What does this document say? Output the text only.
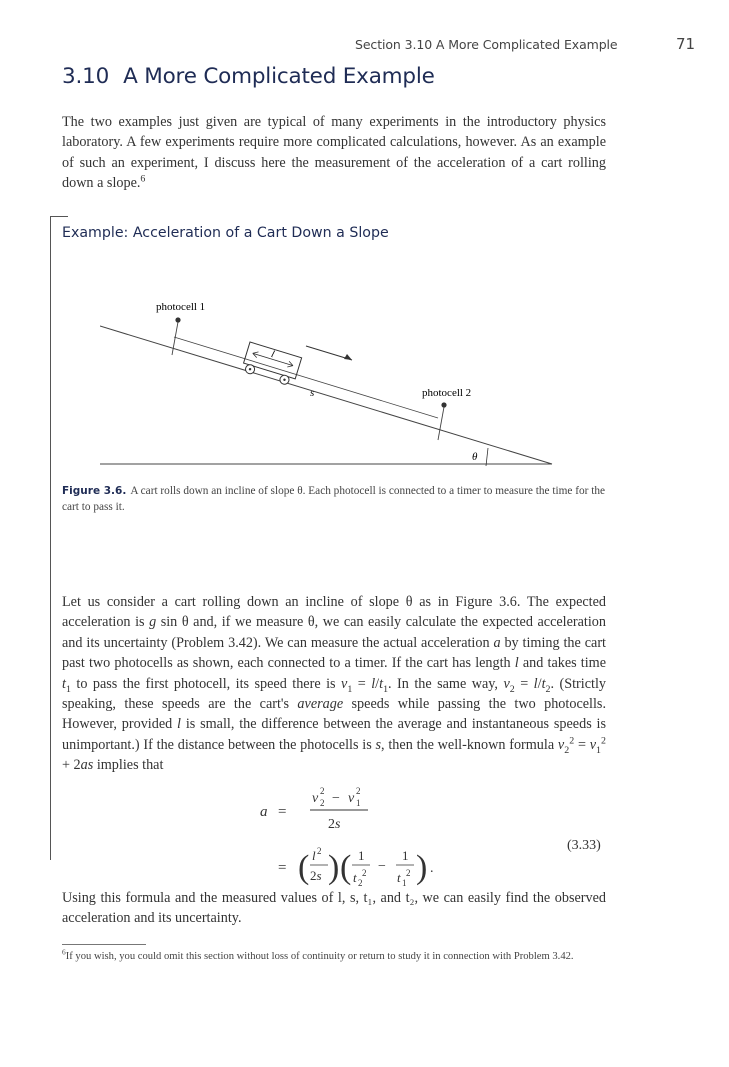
Section 3.10 A More Complicated Example	71
3.10 A More Complicated Example
The two examples just given are typical of many experiments in the introductory physics laboratory. A few experiments require more complicated calculations, however. As an example of such an experiment, I discuss here the measurement of the acceleration of a cart rolling down a slope.$^6$
Example: Acceleration of a Cart Down a Slope
photocell 1
photocell 2
l
s
θ
Figure 3.6. A cart rolls down an incline of slope θ. Each photocell is connected to a timer to measure the time for the cart to pass it.
Let us consider a cart rolling down an incline of slope θ as in Figure 3.6. The expected acceleration is g sin θ and, if we measure θ, we can easily calculate the expected acceleration and its uncertainty (Problem 3.42). We can measure the actual acceleration a by timing the cart past two photocells as shown, each connected to a timer. If the cart has length l and takes time $t_1$ to pass the first photocell, its speed there is $v_1 = l/t_1$. In the same way, $v_2 = l/t_2$. (Strictly speaking, these speeds are the cart's average speeds while passing the two photocells. However, provided l is small, the difference between the average and instantaneous speeds is unimportant.) If the distance between the photocells is s, then the well-known formula $v_2^2 = v_1^2 + 2as$ implies that
a =
v 2
2 − v 1
2
2s
= ( l 2
2s ) ( 1
t 2
2 −
1
t 1
2 ) .
(3.33)
Using this formula and the measured values of l, s, t₁, and t₂, we can easily find the observed acceleration and its uncertainty.
$^6$If you wish, you could omit this section without loss of continuity or return to study it in connection with Problem 3.42.
